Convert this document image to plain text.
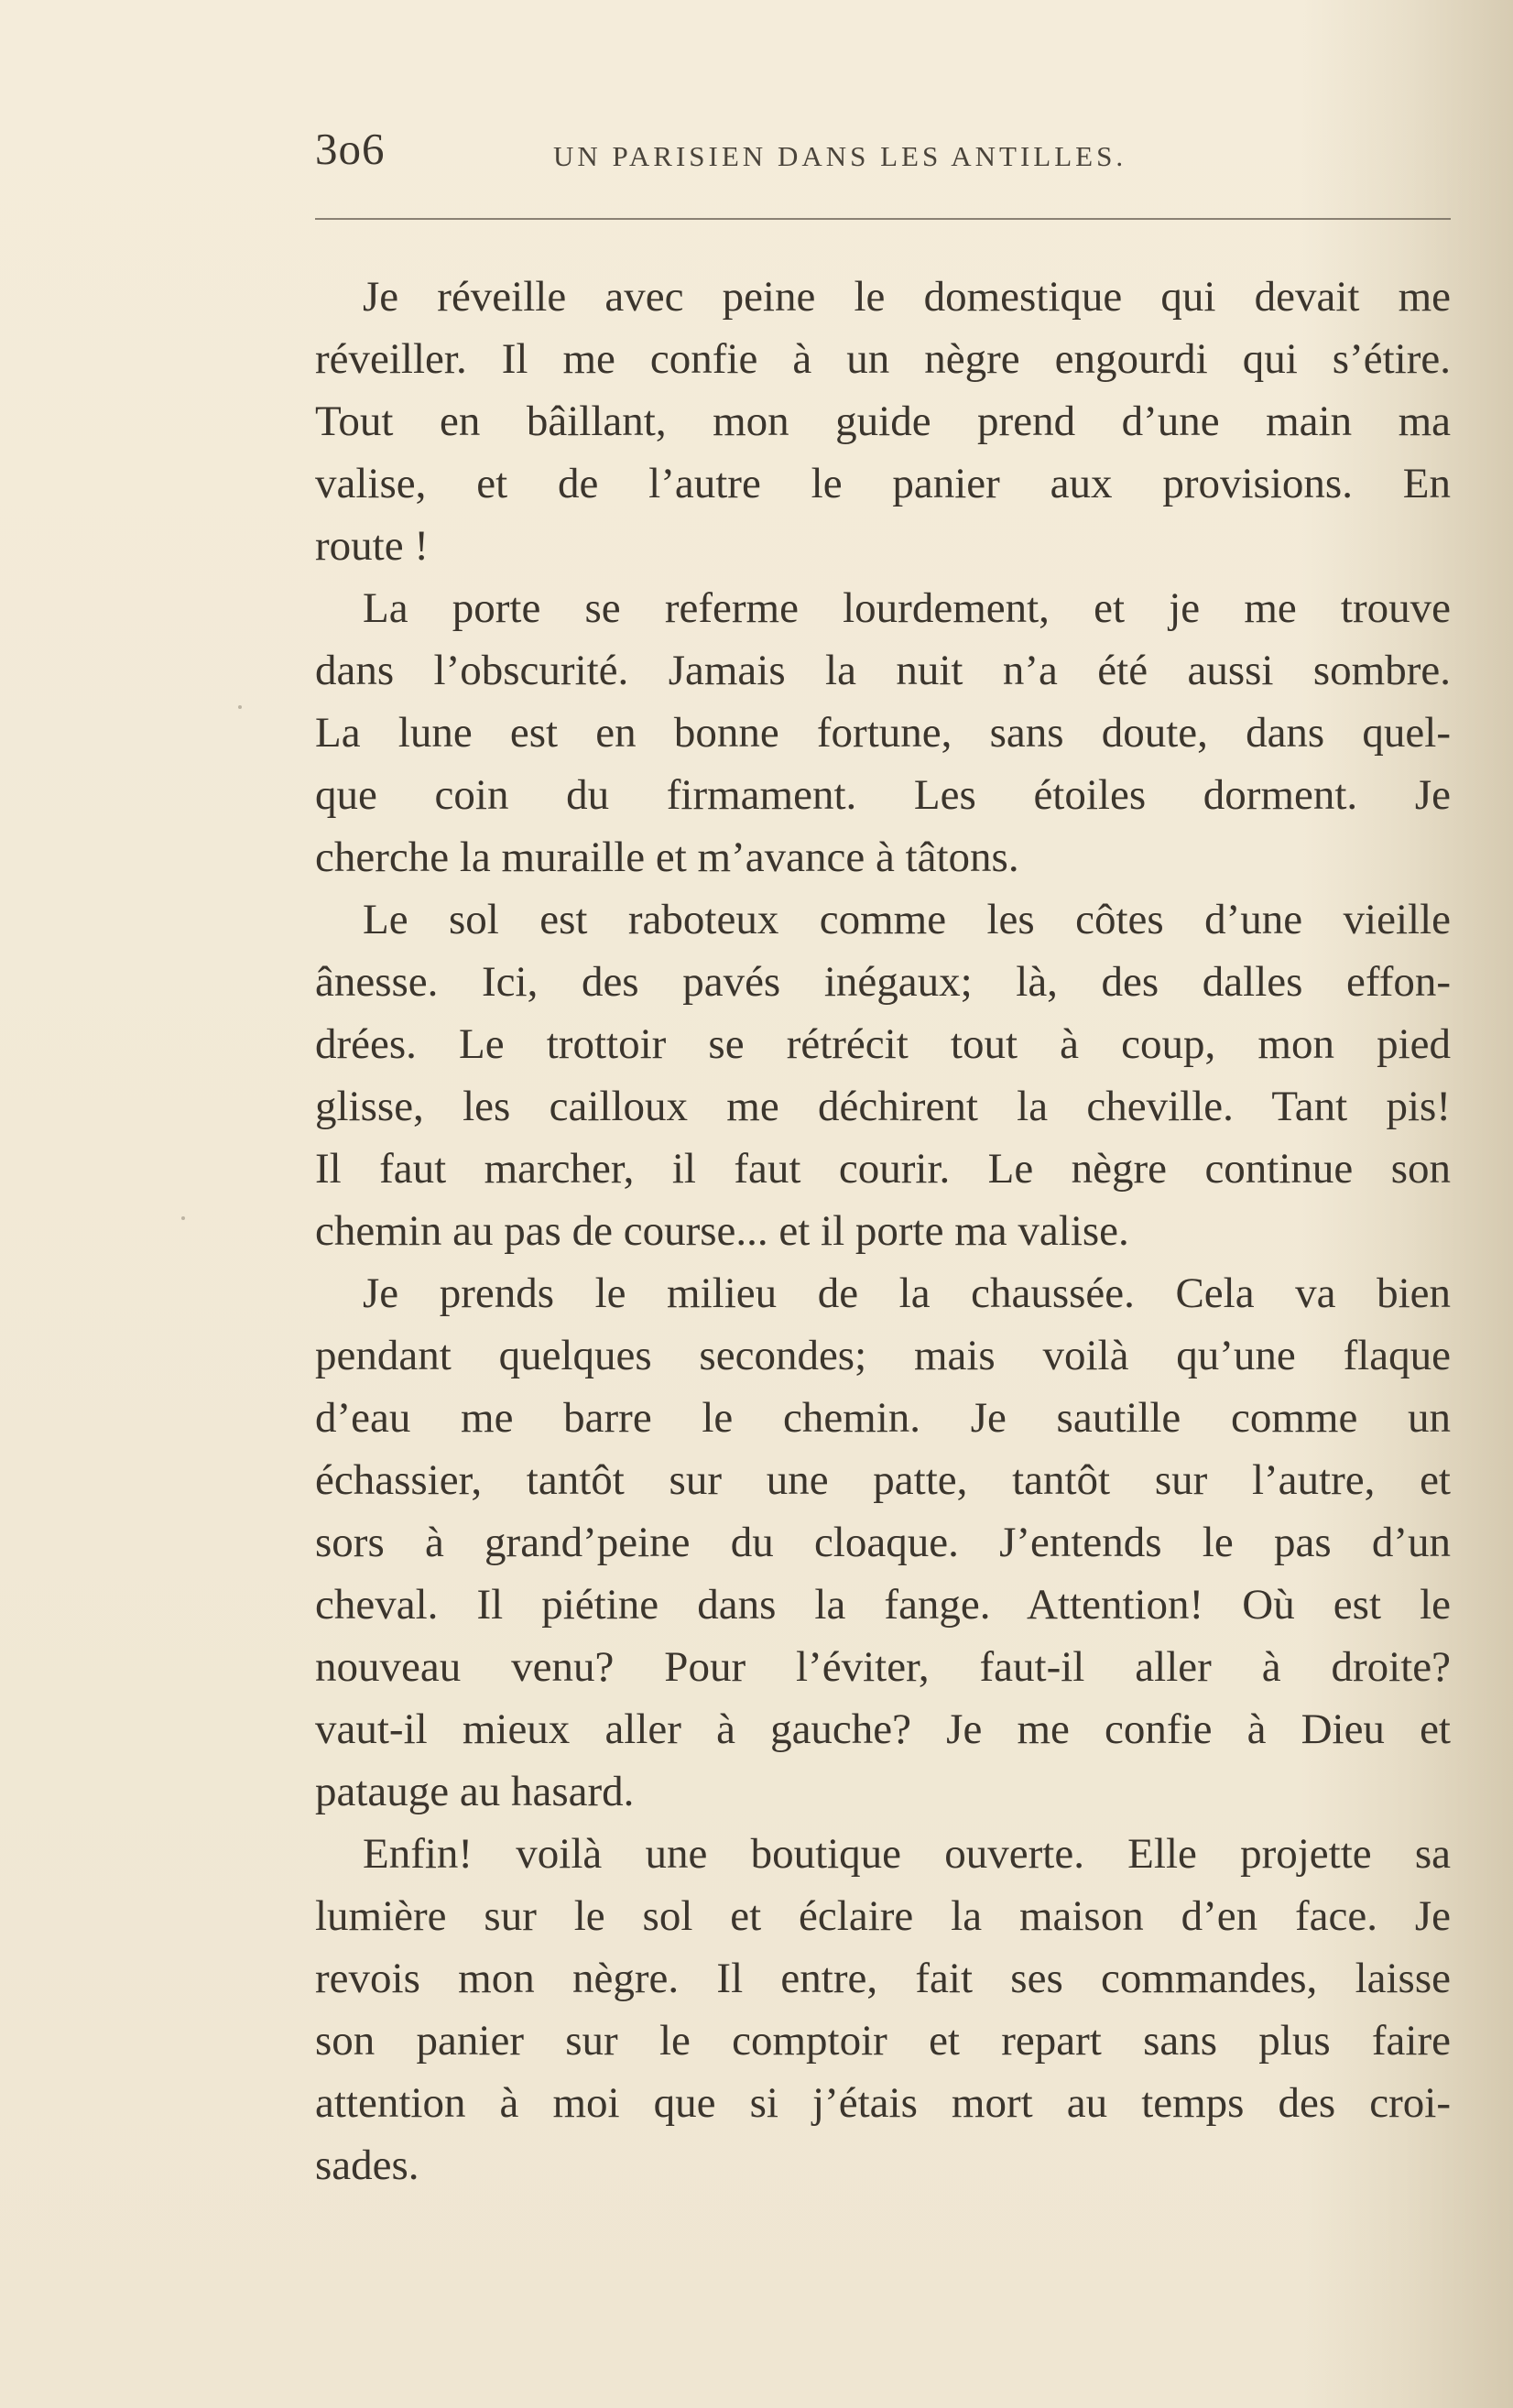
3o6	UN PARISIEN DANS LES ANTILLES.
Je réveille avec peine le domestique qui devait me
réveiller. Il me confie à un nègre engourdi qui s’étire.
Tout en bâillant, mon guide prend d’une main ma
valise, et de l’autre le panier aux provisions. En
route !
La porte se referme lourdement, et je me trouve
dans l’obscurité. Jamais la nuit n’a été aussi sombre.
La lune est en bonne fortune, sans doute, dans quel-
que coin du firmament. Les étoiles dorment. Je
cherche la muraille et m’avance à tâtons.
Le sol est raboteux comme les côtes d’une vieille
ânesse. Ici, des pavés inégaux; là, des dalles effon-
drées. Le trottoir se rétrécit tout à coup, mon pied
glisse, les cailloux me déchirent la cheville. Tant pis!
Il faut marcher, il faut courir. Le nègre continue son
chemin au pas de course... et il porte ma valise.
Je prends le milieu de la chaussée. Cela va bien
pendant quelques secondes; mais voilà qu’une flaque
d’eau me barre le chemin. Je sautille comme un
échassier, tantôt sur une patte, tantôt sur l’autre, et
sors à grand’peine du cloaque. J’entends le pas d’un
cheval. Il piétine dans la fange. Attention! Où est le
nouveau venu? Pour l’éviter, faut-il aller à droite?
vaut-il mieux aller à gauche? Je me confie à Dieu et
patauge au hasard.
Enfin! voilà une boutique ouverte. Elle projette sa
lumière sur le sol et éclaire la maison d’en face. Je
revois mon nègre. Il entre, fait ses commandes, laisse
son panier sur le comptoir et repart sans plus faire
attention à moi que si j’étais mort au temps des croi-
sades.
